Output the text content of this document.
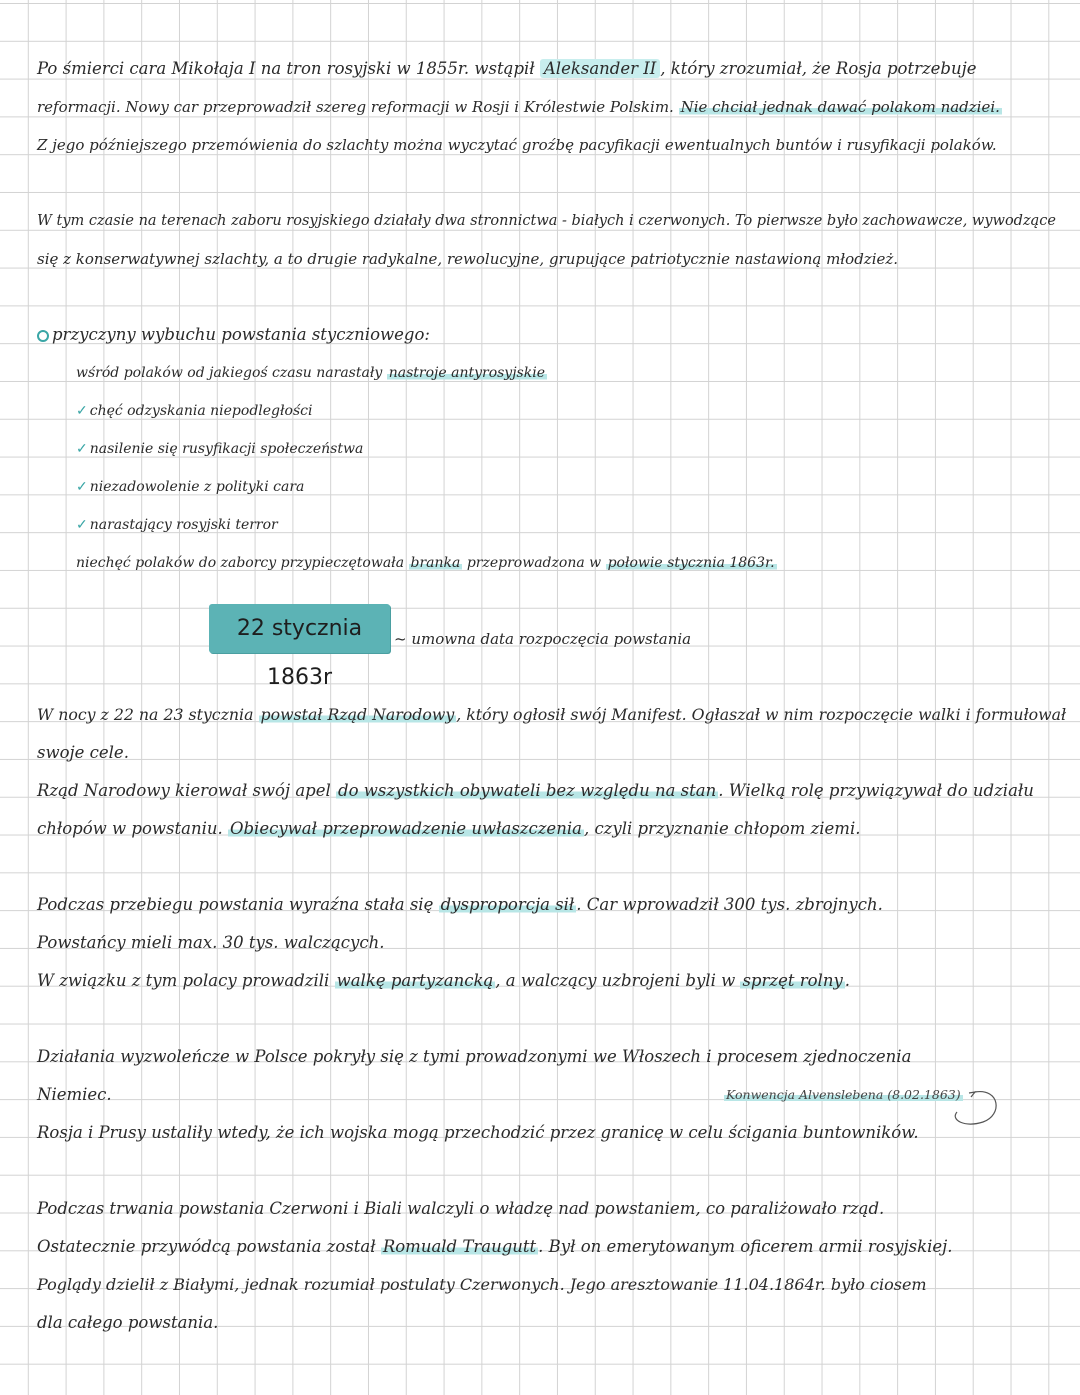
Po śmierci cara Mikołaja I na tron rosyjski w 1855r. wstąpił Aleksander II , który zrozumiał, że Rosja potrzebuje
reformacji. Nowy car przeprowadził szereg reformacji w Rosji i Królestwie Polskim. Nie chciał jednak dawać polakom nadziei.
Z jego późniejszego przemówienia do szlachty można wyczytać groźbę pacyfikacji ewentualnych buntów i rusyfikacji polaków.
W tym czasie na terenach zaboru rosyjskiego działały dwa stronnictwa - białych i czerwonych. To pierwsze było zachowawcze, wywodzące
się z konserwatywnej szlachty, a to drugie radykalne, rewolucyjne, grupujące patriotycznie nastawioną młodzież.
przyczyny wybuchu powstania styczniowego:
wśród polaków od jakiegoś czasu narastały nastroje antyrosyjskie
✓ chęć odzyskania niepodległości
✓ nasilenie się rusyfikacji społeczeństwa
✓ niezadowolenie z polityki cara
✓ narastający rosyjski terror
niechęć polaków do zaborcy przypieczętowała branka przeprowadzona w połowie stycznia 1863r.
22 stycznia 1863r
~ umowna data rozpoczęcia powstania
W nocy z 22 na 23 stycznia powstał Rząd Narodowy , który ogłosił swój Manifest. Ogłaszał w nim rozpoczęcie walki i formułował
swoje cele.
Rząd Narodowy kierował swój apel do wszystkich obywateli bez względu na stan . Wielką rolę przywiązywał do udziału
chłopów w powstaniu. Obiecywał przeprowadzenie uwłaszczenia , czyli przyznanie chłopom ziemi.
Podczas przebiegu powstania wyraźna stała się dysproporcja sił . Car wprowadził 300 tys. zbrojnych.
Powstańcy mieli max. 30 tys. walczących.
W związku z tym polacy prowadzili walkę partyzancką , a walczący uzbrojeni byli w sprzęt rolny .
Działania wyzwoleńcze w Polsce pokryły się z tymi prowadzonymi we Włoszech i procesem zjednoczenia
Niemiec.	Konwencja Alvenslebena (8.02.1863)
Rosja i Prusy ustaliły wtedy, że ich wojska mogą przechodzić przez granicę w celu ścigania buntowników.
Podczas trwania powstania Czerwoni i Biali walczyli o władzę nad powstaniem, co paraliżowało rząd.
Ostatecznie przywódcą powstania został Romuald Traugutt . Był on emerytowanym oficerem armii rosyjskiej.
Poglądy dzielił z Białymi, jednak rozumiał postulaty Czerwonych. Jego aresztowanie 11.04.1864r. było ciosem
dla całego powstania.
